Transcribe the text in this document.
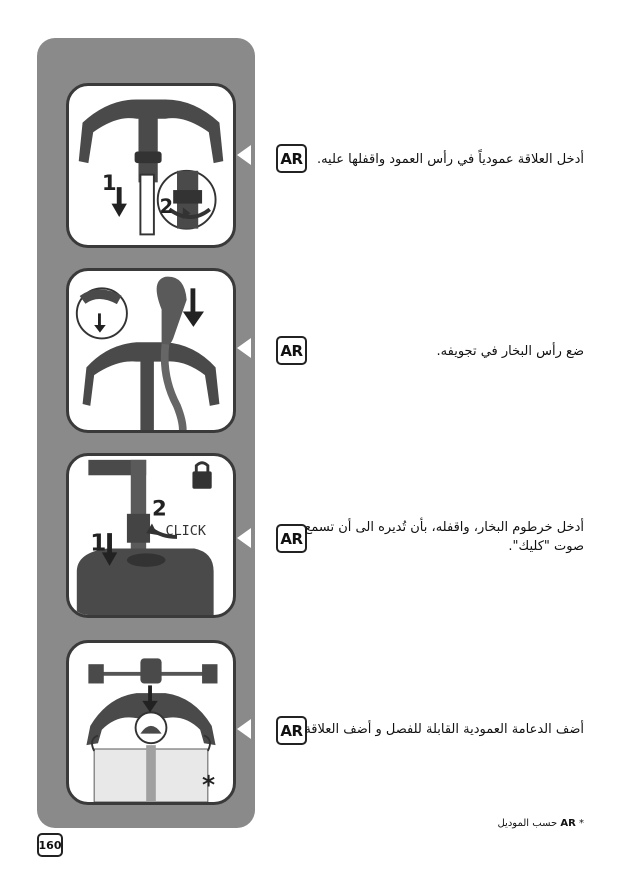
1
2
AR	أدخل العلاقة عمودياً في رأس العمود واقفلها عليه.
AR	ضع رأس البخار في تجويفه.
1
2
CLICK	AR
أدخل خرطوم البخار، واقفله، بأن تُديره الى أن تسمع صوت "كليك".
*
AR أضف الدعامة العمودية القابلة للفصل و أضف العلاقة
* AR حسب الموديل
160
